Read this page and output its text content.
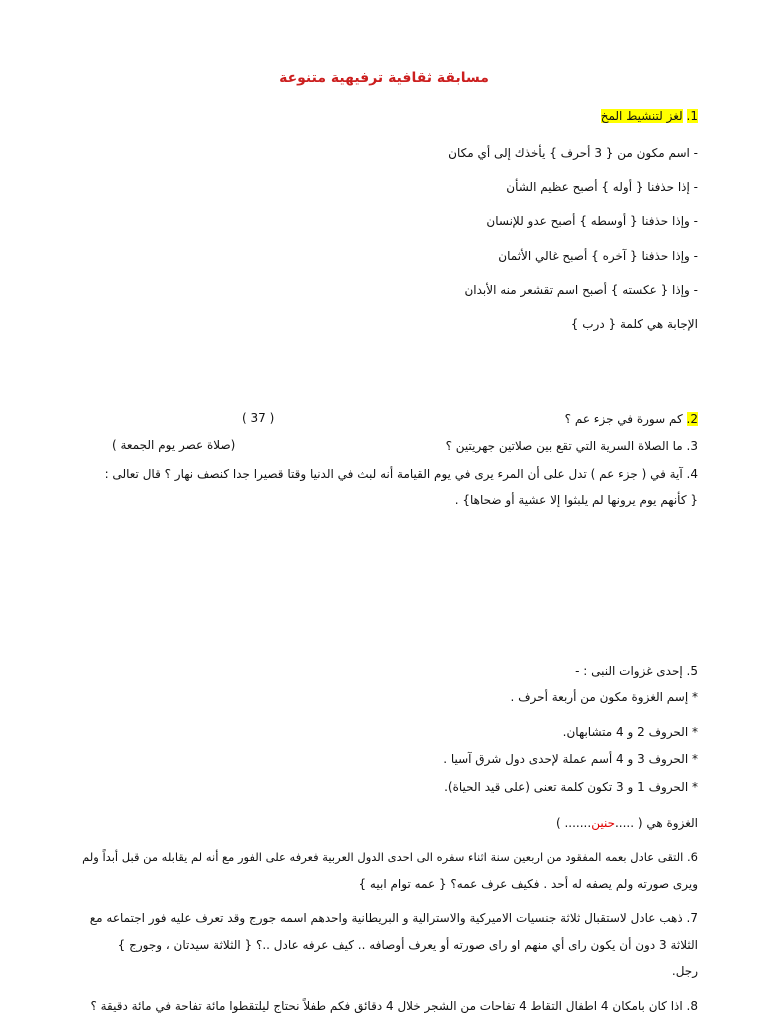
مسابقة ثقافية ترفيهية متنوعة
1. لغز لتنشيط المخ
- اسم مكون من { 3 أحرف } يأخذك إلى أي مكان
- إذا حذفنا { أوله } أصبح عظيم الشأن
- وإذا حذفنا { أوسطه } أصبح عدو للإنسان
- وإذا حذفنا { آخره } أصبح غالي الأثمان
- وإذا { عكسته } أصبح اسم تقشعر منه الأبدان
الإجابة هي كلمة { درب }
2. كم سورة في جزء عم ؟
( 37 )
3. ما الصلاة السرية التي تقع بين صلاتين جهريتين ؟
(صلاة عصر يوم الجمعة )
4. آية في ( جزء عم ) تدل على أن المرء يرى في يوم القيامة أنه لبث في الدنيا وقتا قصيرا جدا كنصف نهار ؟ قال تعالى :
{ كأنهم يوم يرونها لم يلبثوا إلا عشية أو ضحاها} .
5. إحدى غزوات النبى : -
* إسم الغزوة مكون من أربعة أحرف .
* الحروف 2 و 4 متشابهان.
* الحروف 3 و 4 أسم عملة لإحدى دول شرق آسيا .
* الحروف 1 و 3 تكون كلمة تعنى (على قيد الحياة).
الغزوة هي ( .....حنين....... )
6. التقى عادل بعمه المفقود من اربعين سنة اثناء سفره الى احدى الدول العربية فعرفه على الفور مع أنه لم يقابله من قبل أبداً ولم
ويرى صورته ولم يصفه له أحد . فكيف عرف عمه؟ { عمه توام ابيه }
7. ذهب عادل لاستقبال ثلاثة جنسيات الاميركية والاسترالية و البريطانية واحدهم اسمه جورج وقد تعرف عليه فور اجتماعه مع
الثلاثة 3 دون أن يكون راى أي منهم او راى صورته أو يعرف أوصافه .. كيف عرفه عادل ..؟ { الثلاثة سيدتان ، وجورج }
رجل.
8. اذا كان بامكان 4 اطفال التقاط 4 تفاحات من الشجر خلال 4 دقائق فكم طفلاً نحتاج ليلتقطوا مائة تفاحة في مائة دقيقة ؟
